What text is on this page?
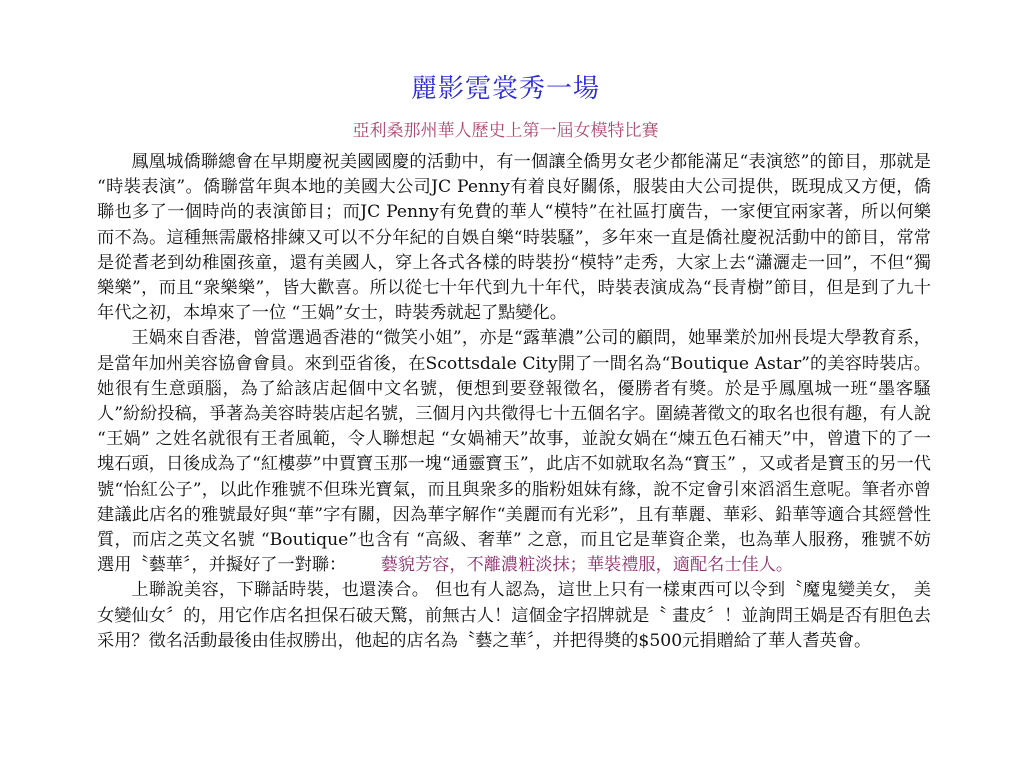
麗影霓裳秀一場
亞利桑那州華人歷史上第一屆女模特比賽

鳳凰城僑聯總會在早期慶祝美國國慶的活動中，有一個讓全僑男女老少都能滿足“表演慾”的節目，那就是 “時裝表演”。僑聯當年與本地的美國大公司JC Penny有着良好關係，服裝由大公司提供，既現成又方便，僑聯也多了一個時尚的表演節目；而JC Penny有免費的華人“模特”在社區打廣告，一家便宜兩家著，所以何樂而不為。這種無需嚴格排練又可以不分年紀的自娛自樂“時裝騷”，多年來一直是僑社慶祝活動中的節目，常常是從耆老到幼稚園孩童，還有美國人，穿上各式各樣的時裝扮“模特”走秀，大家上去“瀟灑走一回”，不但“獨樂樂”，而且“衆樂樂”，皆大歡喜。所以從七十年代到九十年代，時裝表演成為“長青樹”節目，但是到了九十年代之初，本埠來了一位 “王媧”女士，時裝秀就起了點變化。

王媧來自香港，曾當選過香港的“微笑小姐”，亦是“露華濃”公司的顧問，她畢業於加州長堤大學教育系，是當年加州美容協會會員。來到亞省後，在Scottsdale City開了一間名為“Boutique Astar”的美容時裝店。她很有生意頭腦，為了給該店起個中文名號，便想到要登報徵名，優勝者有獎。於是乎鳳凰城一班“墨客騷人”紛紛投稿，爭著為美容時裝店起名號，三個月內共徵得七十五個名字。圍繞著徵文的取名也很有趣，有人說 “王媧” 之姓名就很有王者風範，令人聯想起 “女媧補天”故事，並說女媧在“煉五色石補天”中，曾遺下的了一塊石頭，日後成為了“紅樓夢”中賈寶玉那一塊“通靈寶玉”，此店不如就取名為“寶玉” ，又或者是寶玉的另一代號“怡紅公子”，以此作雅號不但珠光寶氣，而且與衆多的脂粉姐妹有緣，說不定會引來滔滔生意呢。筆者亦曾建議此店名的雅號最好與“華”字有關，因為華字解作“美麗而有光彩”，且有華麗、華彩、鉛華等適合其經營性質，而店之英文名號 “Boutique”也含有 “高級、奢華” 之意，而且它是華資企業，也為華人服務，雅號不妨選用〝藝華〞，并擬好了一對聯：   藝貌芳容，不離濃粧淡抹；華裝禮服，適配名士佳人。

上聯說美容，下聯話時裝，也還湊合。 但也有人認為，這世上只有一樣東西可以令到〝魔鬼變美女， 美女變仙女〞的，用它作店名担保石破天驚，前無古人！這個金字招牌就是〝 畫皮〞！並詢問王媧是否有胆色去采用？徵名活動最後由佳叔勝出，他起的店名為〝藝之華〞，并把得奬的$500元捐贈給了華人耆英會。
